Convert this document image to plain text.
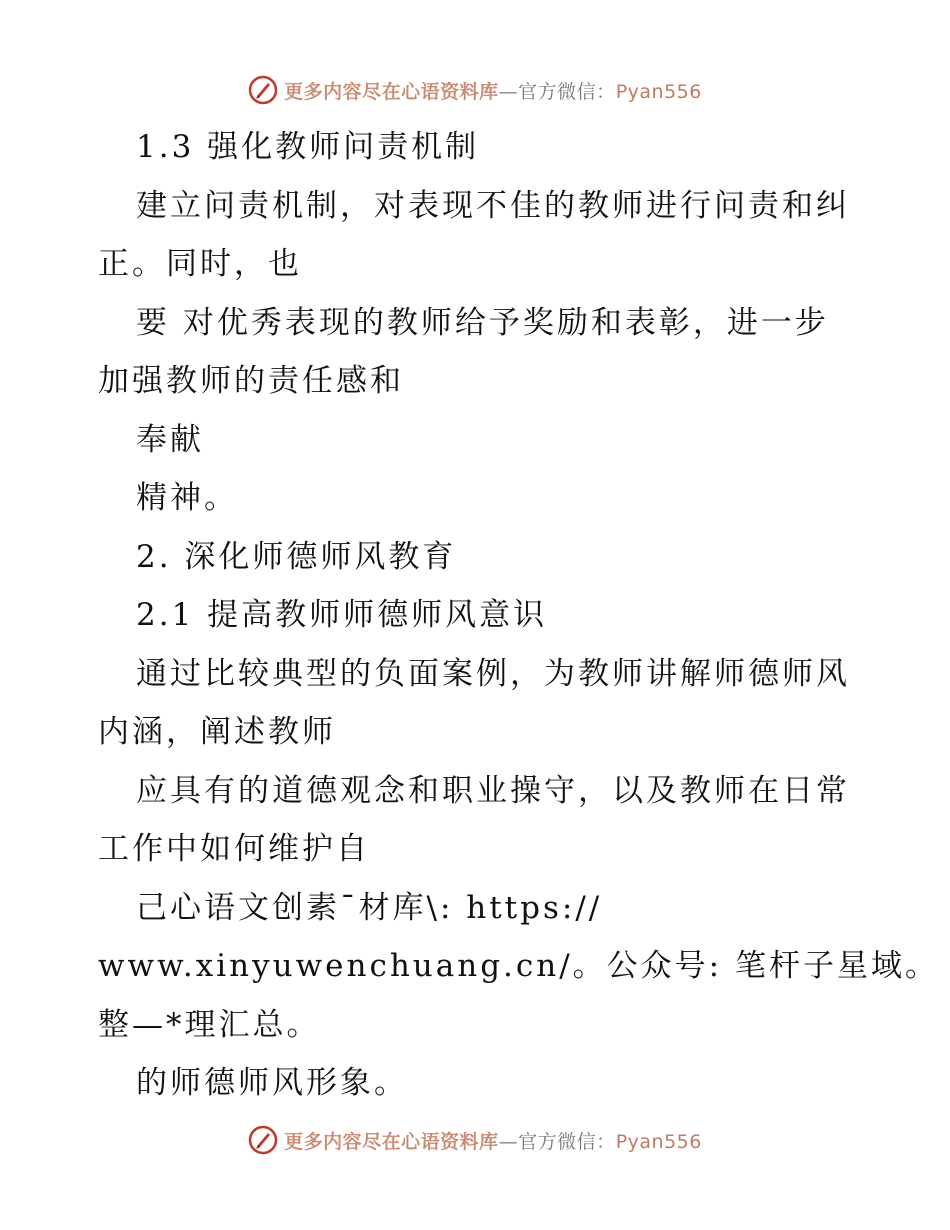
更多内容尽在心语资料库—官方微信：Pyan556
1.3 强化教师问责机制
建立问责机制，对表现不佳的教师进行问责和纠
正。同时，也
要 对优秀表现的教师给予奖励和表彰，进一步
加强教师的责任感和
奉献
精神。
2. 深化师德师风教育
2.1 提高教师师德师风意识
通过比较典型的负面案例，为教师讲解师德师风
内涵，阐述教师
应具有的道德观念和职业操守，以及教师在日常
工作中如何维护自
己心语文创素¯材库\: https://
www.xinyuwenchuang.cn/。公众号: 笔杆子星域。
整—*理汇总。
的师德师风形象。
更多内容尽在心语资料库—官方微信：Pyan556
